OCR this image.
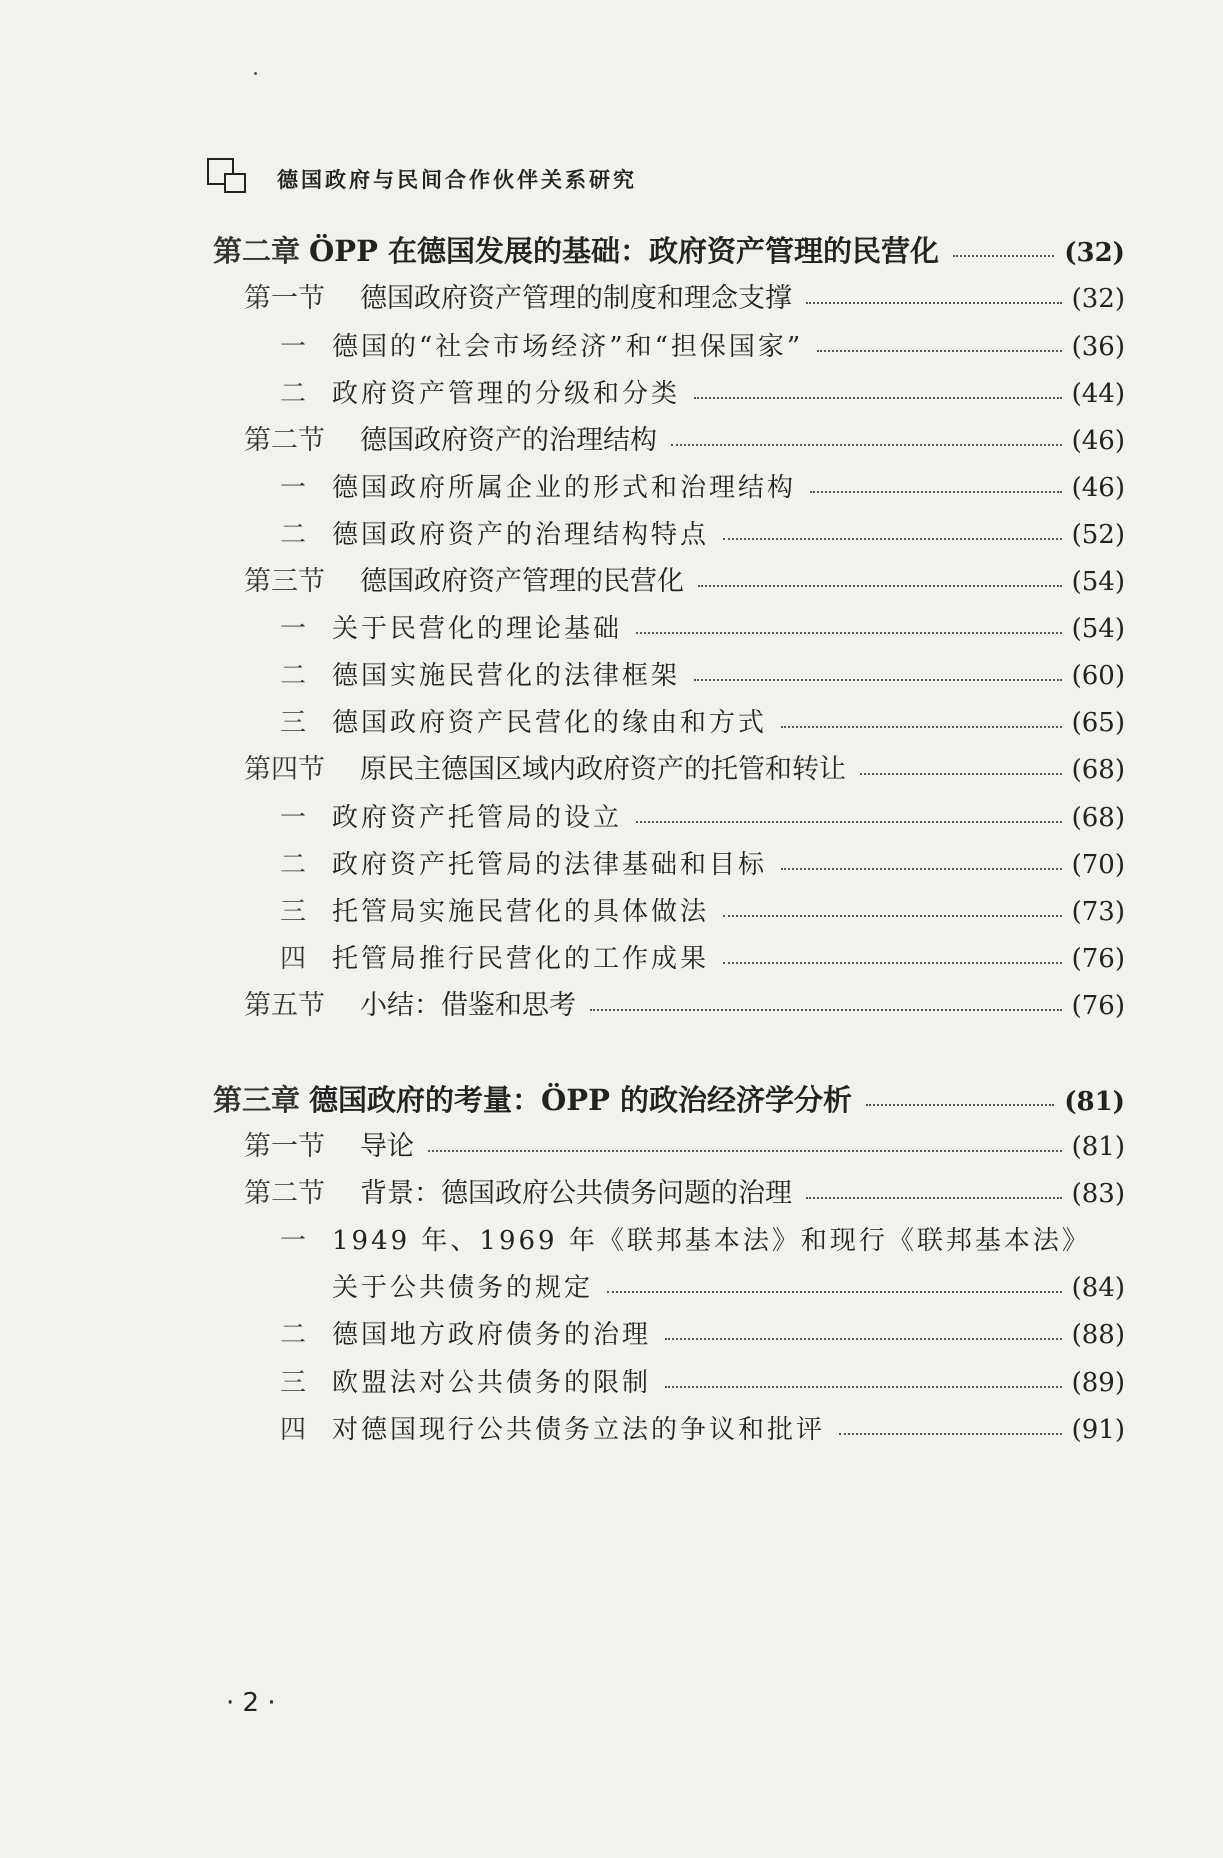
德国政府与民间合作伙伴关系研究
第二章 ÖPP 在德国发展的基础：政府资产管理的民营化	(32)
第一节	德国政府资产管理的制度和理念支撑	(32)
一 德国的“社会市场经济”和“担保国家”	(36)
二 政府资产管理的分级和分类	(44)
第二节	德国政府资产的治理结构	(46)
一 德国政府所属企业的形式和治理结构	(46)
二 德国政府资产的治理结构特点	(52)
第三节	德国政府资产管理的民营化	(54)
一 关于民营化的理论基础	(54)
二 德国实施民营化的法律框架	(60)
三 德国政府资产民营化的缘由和方式	(65)
第四节	原民主德国区域内政府资产的托管和转让	(68)
一 政府资产托管局的设立	(68)
二 政府资产托管局的法律基础和目标	(70)
三 托管局实施民营化的具体做法	(73)
四 托管局推行民营化的工作成果	(76)
第五节	小结：借鉴和思考	(76)
第三章 德国政府的考量：ÖPP 的政治经济学分析	(81)
第一节	导论	(81)
第二节	背景：德国政府公共债务问题的治理	(83)
一 1949 年、1969 年《联邦基本法》和现行《联邦基本法》
关于公共债务的规定	(84)
二 德国地方政府债务的治理	(88)
三 欧盟法对公共债务的限制	(89)
四 对德国现行公共债务立法的争议和批评	(91)
· 2 ·
